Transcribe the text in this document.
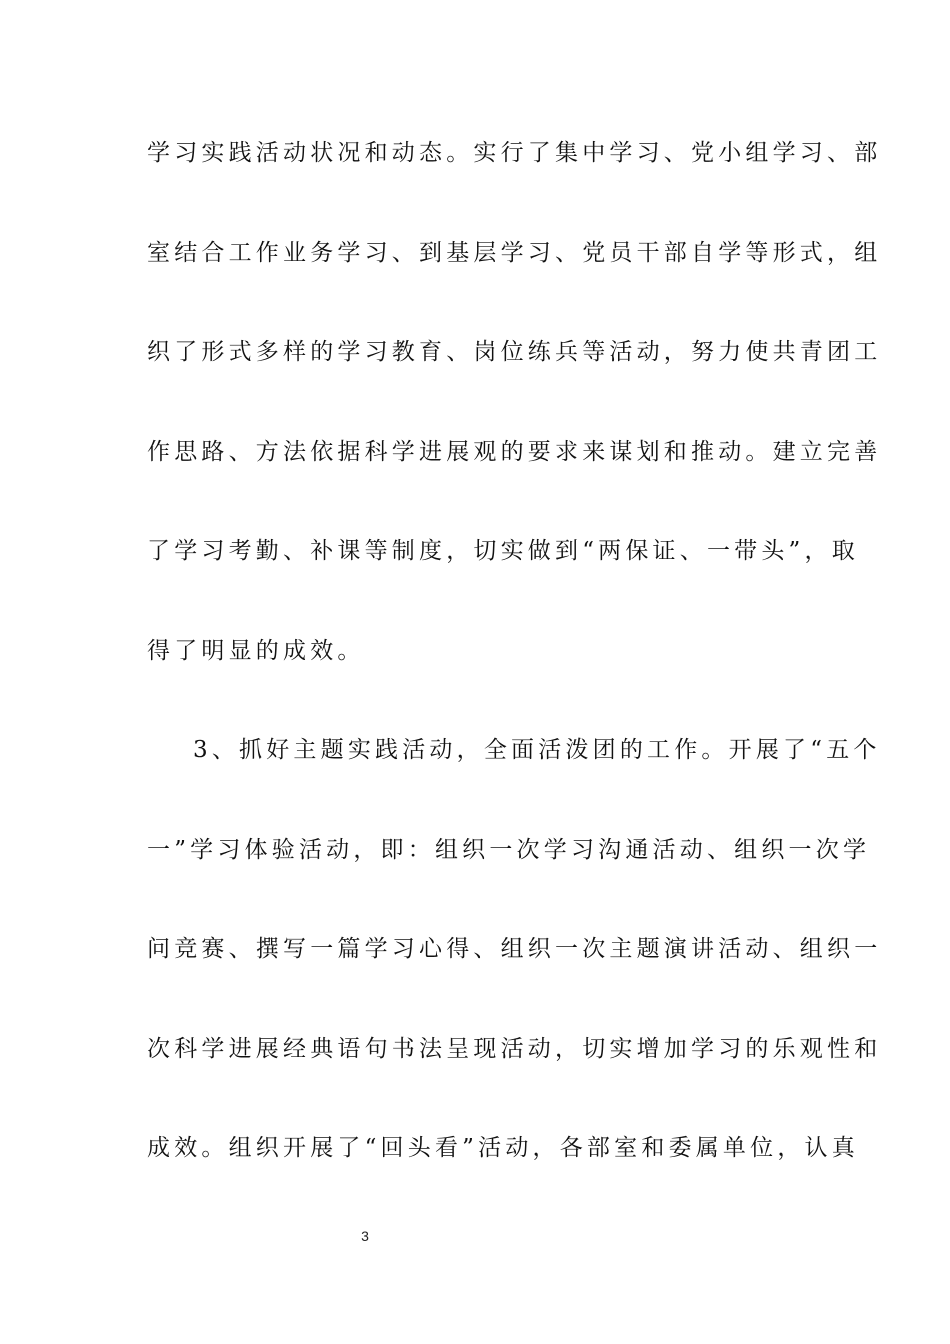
学习实践活动状况和动态。实行了集中学习、党小组学习、部
室结合工作业务学习、到基层学习、党员干部自学等形式，组
织了形式多样的学习教育、岗位练兵等活动，努力使共青团工
作思路、方法依据科学进展观的要求来谋划和推动。建立完善
了学习考勤、补课等制度，切实做到“两保证、一带头”，取
得了明显的成效。
3、抓好主题实践活动，全面活泼团的工作。开展了“五个
一”学习体验活动，即：组织一次学习沟通活动、组织一次学
问竞赛、撰写一篇学习心得、组织一次主题演讲活动、组织一
次科学进展经典语句书法呈现活动，切实增加学习的乐观性和
成效。组织开展了“回头看”活动，各部室和委属单位，认真
3
